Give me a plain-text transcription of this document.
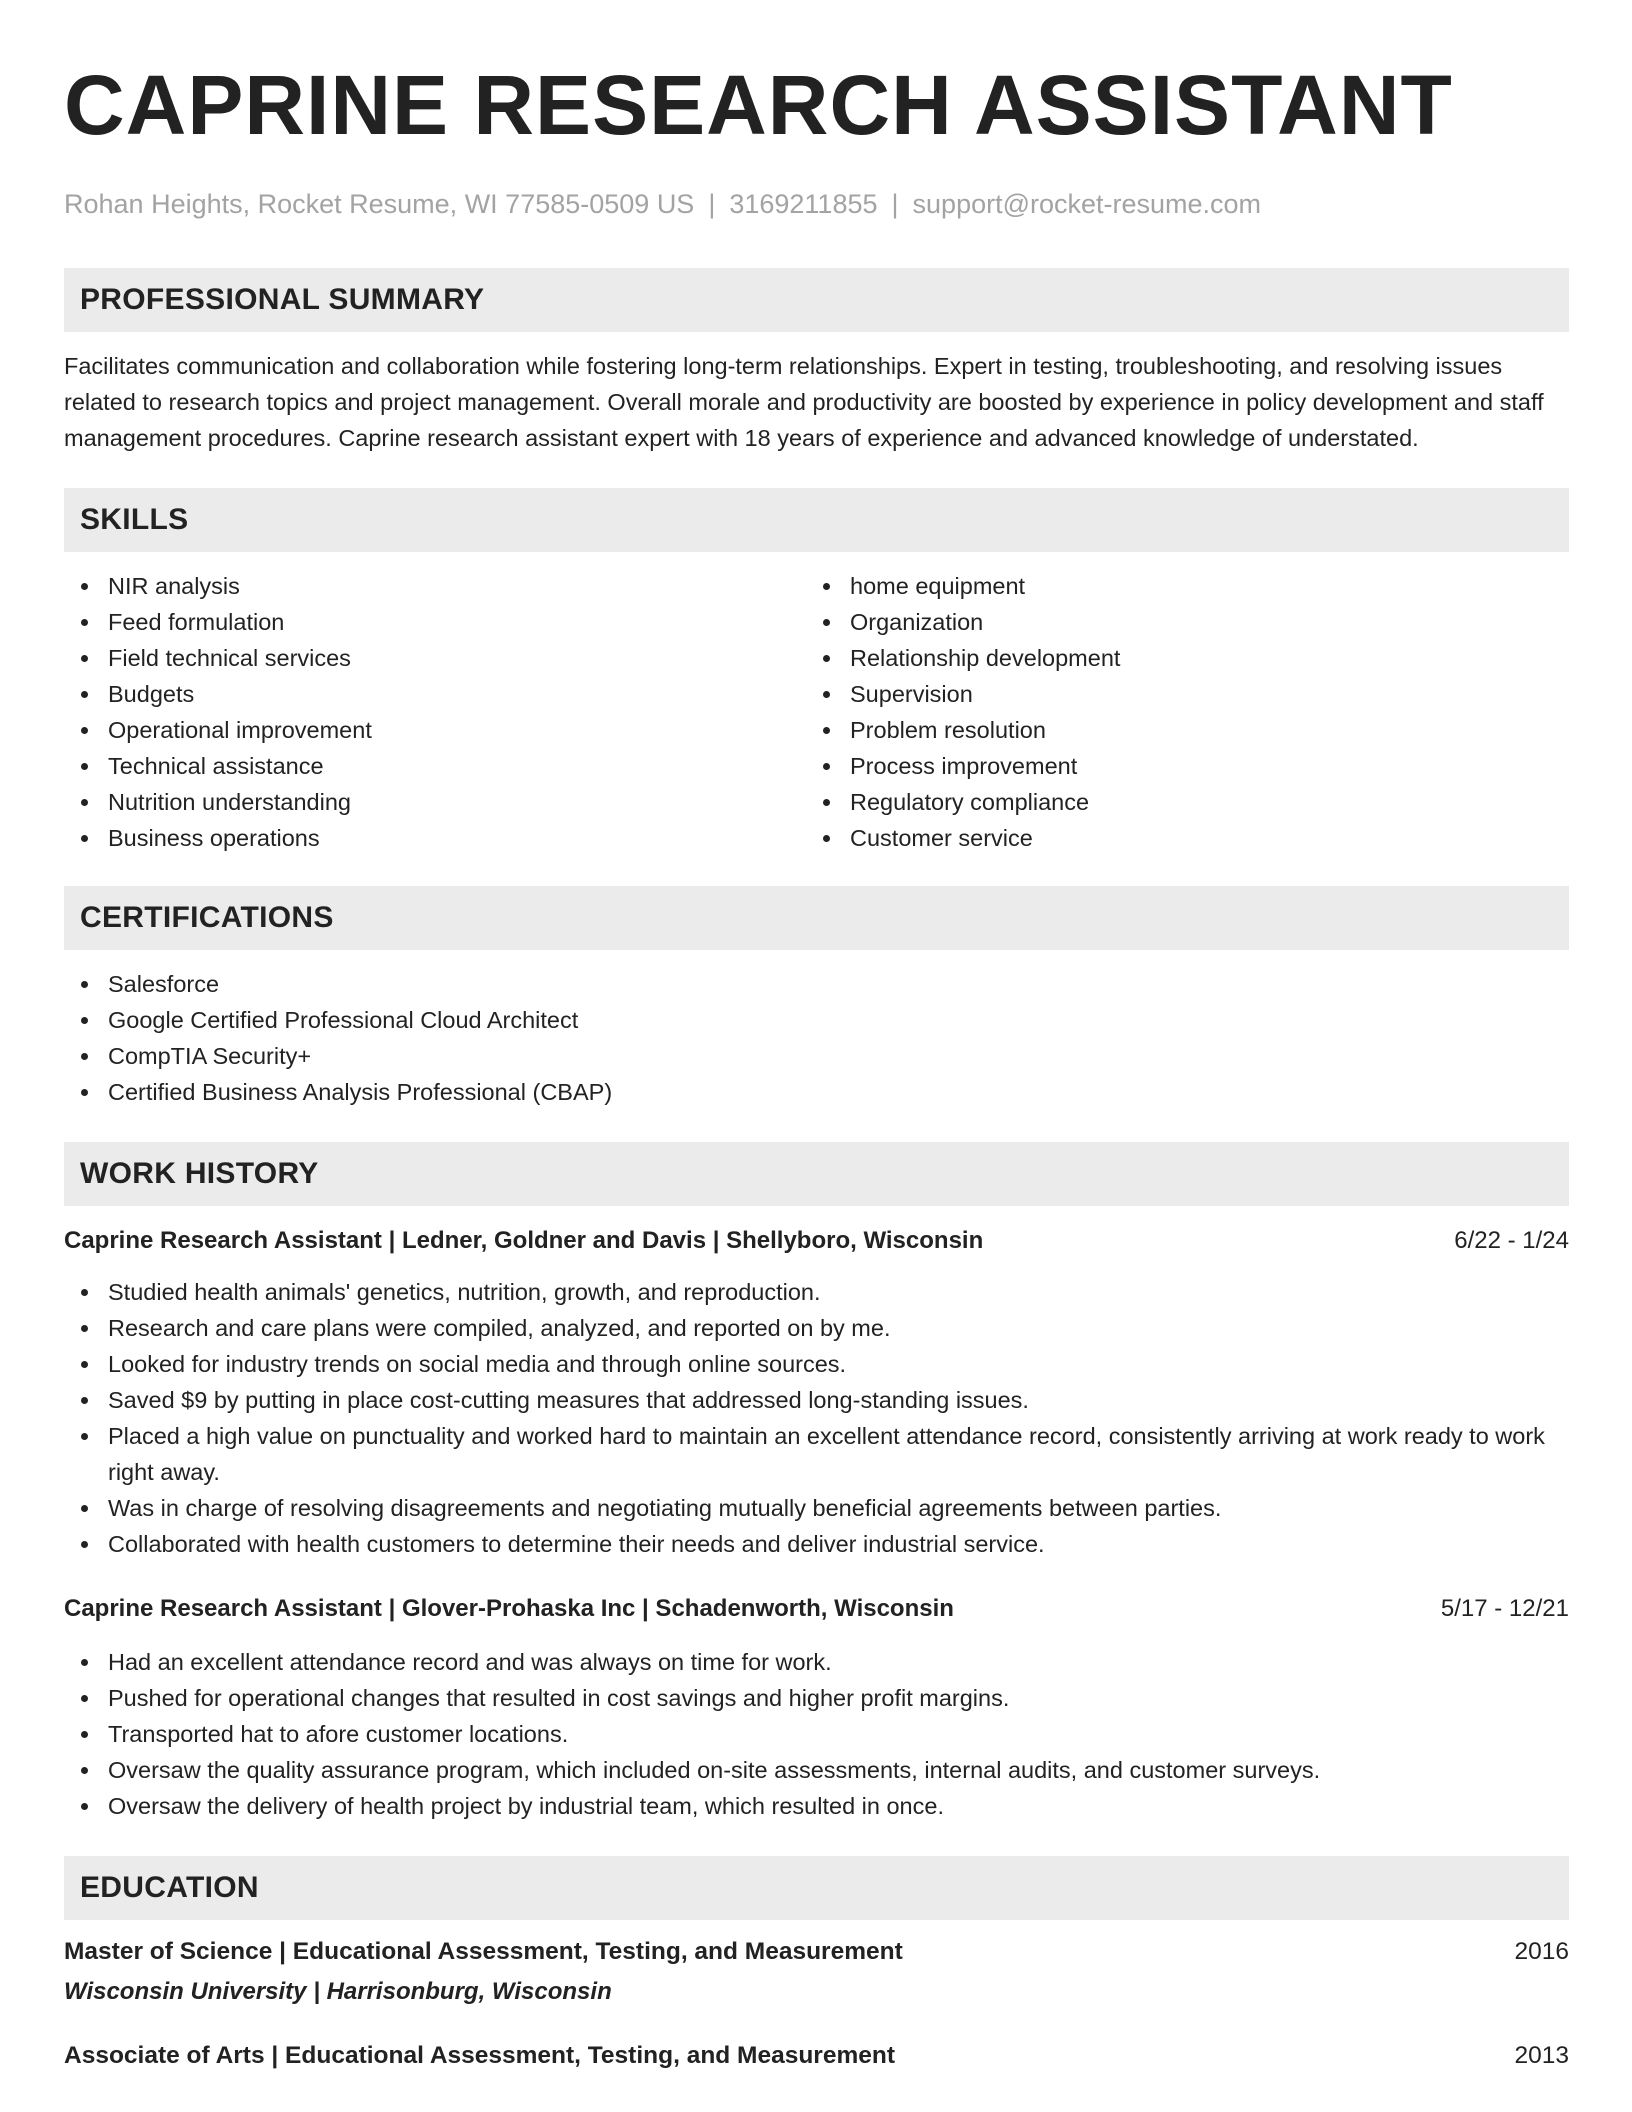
CAPRINE RESEARCH ASSISTANT
Rohan Heights, Rocket Resume, WI 77585-0509 US | 3169211855 | support@rocket-resume.com
PROFESSIONAL SUMMARY
Facilitates communication and collaboration while fostering long-term relationships. Expert in testing, troubleshooting, and resolving issues related to research topics and project management. Overall morale and productivity are boosted by experience in policy development and staff management procedures. Caprine research assistant expert with 18 years of experience and advanced knowledge of understated.
SKILLS
NIR analysis
Feed formulation
Field technical services
Budgets
Operational improvement
Technical assistance
Nutrition understanding
Business operations
home equipment
Organization
Relationship development
Supervision
Problem resolution
Process improvement
Regulatory compliance
Customer service
CERTIFICATIONS
Salesforce
Google Certified Professional Cloud Architect
CompTIA Security+
Certified Business Analysis Professional (CBAP)
WORK HISTORY
Caprine Research Assistant | Ledner, Goldner and Davis | Shellyboro, Wisconsin	6/22 - 1/24
Studied health animals' genetics, nutrition, growth, and reproduction.
Research and care plans were compiled, analyzed, and reported on by me.
Looked for industry trends on social media and through online sources.
Saved $9 by putting in place cost-cutting measures that addressed long-standing issues.
Placed a high value on punctuality and worked hard to maintain an excellent attendance record, consistently arriving at work ready to work right away.
Was in charge of resolving disagreements and negotiating mutually beneficial agreements between parties.
Collaborated with health customers to determine their needs and deliver industrial service.
Caprine Research Assistant | Glover-Prohaska Inc | Schadenworth, Wisconsin	5/17 - 12/21
Had an excellent attendance record and was always on time for work.
Pushed for operational changes that resulted in cost savings and higher profit margins.
Transported hat to afore customer locations.
Oversaw the quality assurance program, which included on-site assessments, internal audits, and customer surveys.
Oversaw the delivery of health project by industrial team, which resulted in once.
EDUCATION
Master of Science | Educational Assessment, Testing, and Measurement	2016
Wisconsin University | Harrisonburg, Wisconsin
Associate of Arts | Educational Assessment, Testing, and Measurement	2013
